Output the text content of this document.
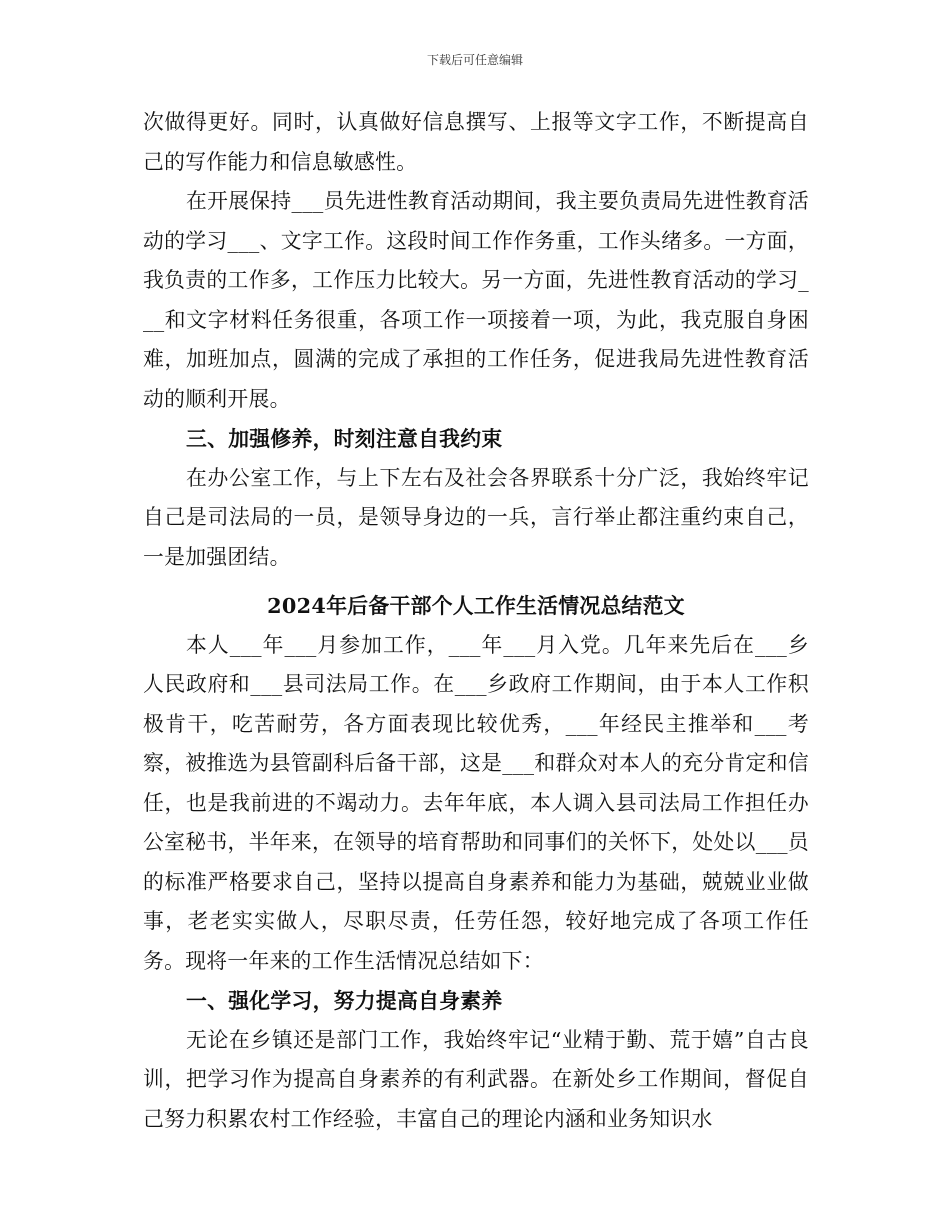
下载后可任意编辑

次做得更好。同时，认真做好信息撰写、上报等文字工作，不断提高自己的写作能力和信息敏感性。

在开展保持___员先进性教育活动期间，我主要负责局先进性教育活动的学习___、文字工作。这段时间工作作务重，工作头绪多。一方面，我负责的工作多，工作压力比较大。另一方面，先进性教育活动的学习___和文字材料任务很重，各项工作一项接着一项，为此，我克服自身困难，加班加点，圆满的完成了承担的工作任务，促进我局先进性教育活动的顺利开展。

三、加强修养，时刻注意自我约束

在办公室工作，与上下左右及社会各界联系十分广泛，我始终牢记自己是司法局的一员，是领导身边的一兵，言行举止都注重约束自己，一是加强团结。

2024年后备干部个人工作生活情况总结范文

本人___年___月参加工作，___年___月入党。几年来先后在___乡人民政府和___县司法局工作。在___乡政府工作期间，由于本人工作积极肯干，吃苦耐劳，各方面表现比较优秀，___年经民主推举和___考察，被推选为县管副科后备干部，这是___和群众对本人的充分肯定和信任，也是我前进的不竭动力。去年年底，本人调入县司法局工作担任办公室秘书，半年来，在领导的培育帮助和同事们的关怀下，处处以___员的标准严格要求自己，坚持以提高自身素养和能力为基础，兢兢业业做事，老老实实做人，尽职尽责，任劳任怨，较好地完成了各项工作任务。现将一年来的工作生活情况总结如下：

一、强化学习，努力提高自身素养

无论在乡镇还是部门工作，我始终牢记“业精于勤、荒于嬉”自古良训，把学习作为提高自身素养的有利武器。在新处乡工作期间，督促自己努力积累农村工作经验，丰富自己的理论内涵和业务知识水
